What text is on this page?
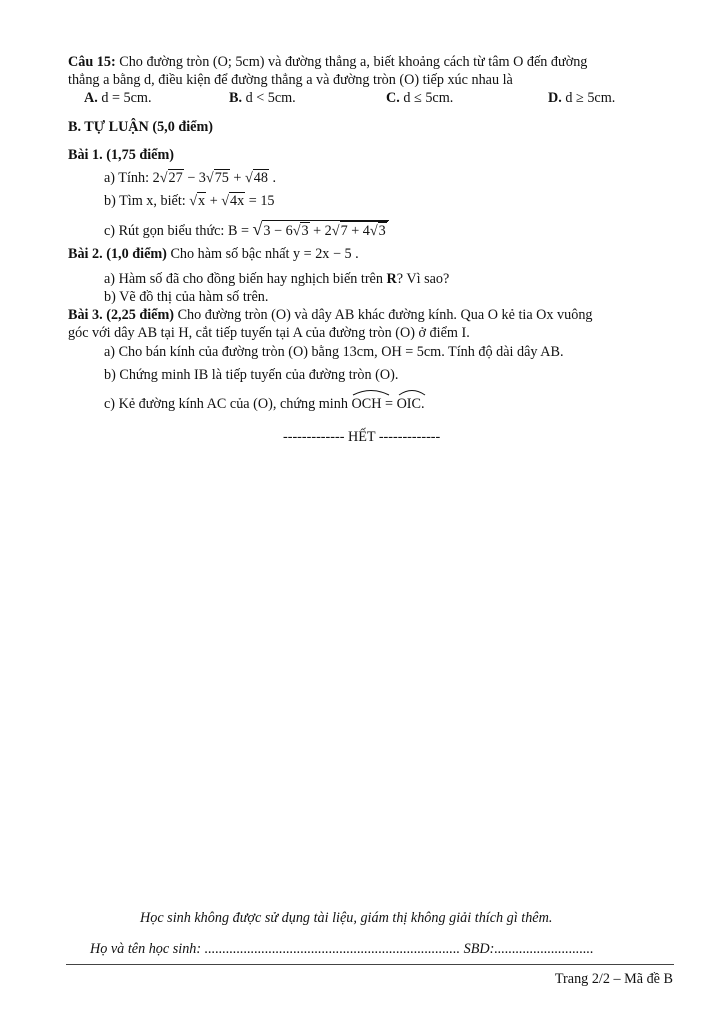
Câu 15: Cho đường tròn (O; 5cm) và đường thẳng a, biết khoảng cách từ tâm O đến đường
thẳng a bằng d, điều kiện để đường thẳng a và đường tròn (O) tiếp xúc nhau là
A. d = 5cm.	B. d < 5cm.	C. d ≤ 5cm.	D. d ≥ 5cm.
B. TỰ LUẬN (5,0 điểm)
Bài 1. (1,75 điểm)
a) Tính: 2√27 − 3√75 + √48 .
b) Tìm x, biết: √x + √4x = 15
c) Rút gọn biểu thức: B = √3 − 6√3 + 2√7 + 4√3
Bài 2. (1,0 điểm) Cho hàm số bậc nhất y = 2x − 5 .
a) Hàm số đã cho đồng biến hay nghịch biến trên R? Vì sao?
b) Vẽ đồ thị của hàm số trên.
Bài 3. (2,25 điểm) Cho đường tròn (O) và dây AB khác đường kính. Qua O kẻ tia Ox vuông
góc với dây AB tại H, cắt tiếp tuyến tại A của đường tròn (O) ở điểm I.
a) Cho bán kính của đường tròn (O) bằng 13cm, OH = 5cm. Tính độ dài dây AB.
b) Chứng minh IB là tiếp tuyến của đường tròn (O).
c) Kẻ đường kính AC của (O), chứng minh OCH = OIC.
------------- HẾT -------------
Học sinh không được sử dụng tài liệu, giám thị không giải thích gì thêm.
Họ và tên học sinh: ........................................................................ SBD:............................
Trang 2/2 – Mã đề B
